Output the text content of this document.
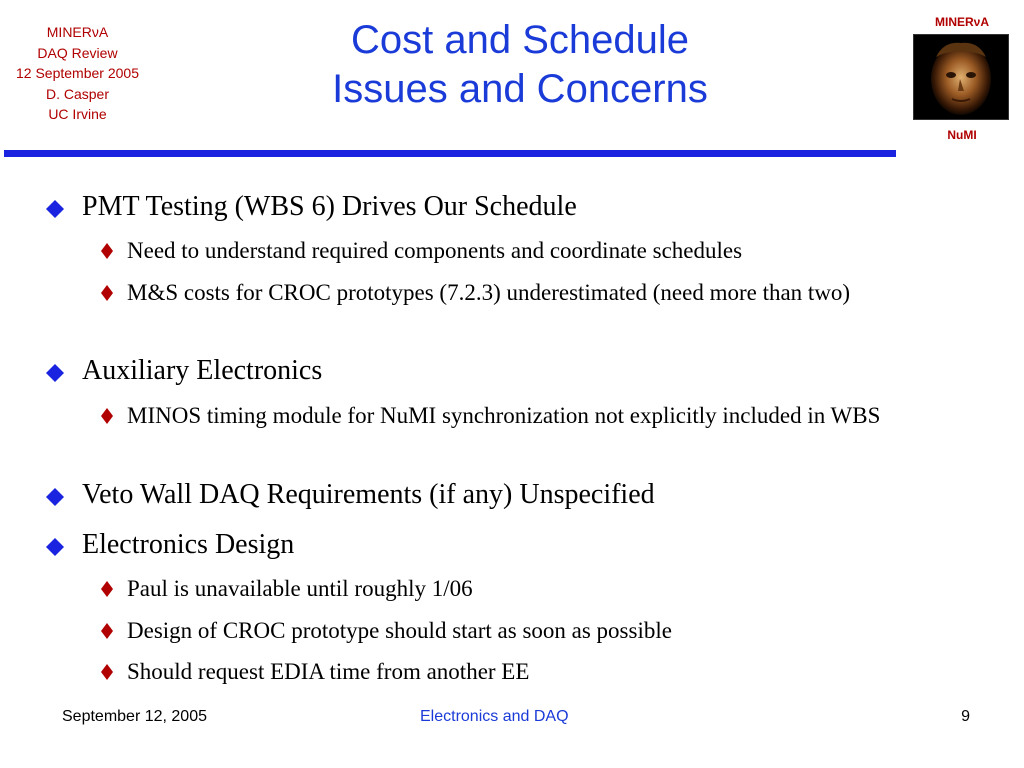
MINERνA
DAQ Review
12 September 2005
D. Casper
UC Irvine
Cost and Schedule
Issues and Concerns
MINERνA
NuMI
PMT Testing (WBS 6) Drives Our Schedule
Need to understand required components and coordinate schedules
M&S costs for CROC prototypes (7.2.3) underestimated (need more than two)
Auxiliary Electronics
MINOS timing module for NuMI synchronization not explicitly included in WBS
Veto Wall DAQ Requirements (if any) Unspecified
Electronics Design
Paul is unavailable until roughly 1/06
Design of CROC prototype should start as soon as possible
Should request EDIA time from another EE
September 12, 2005	Electronics and DAQ	9
